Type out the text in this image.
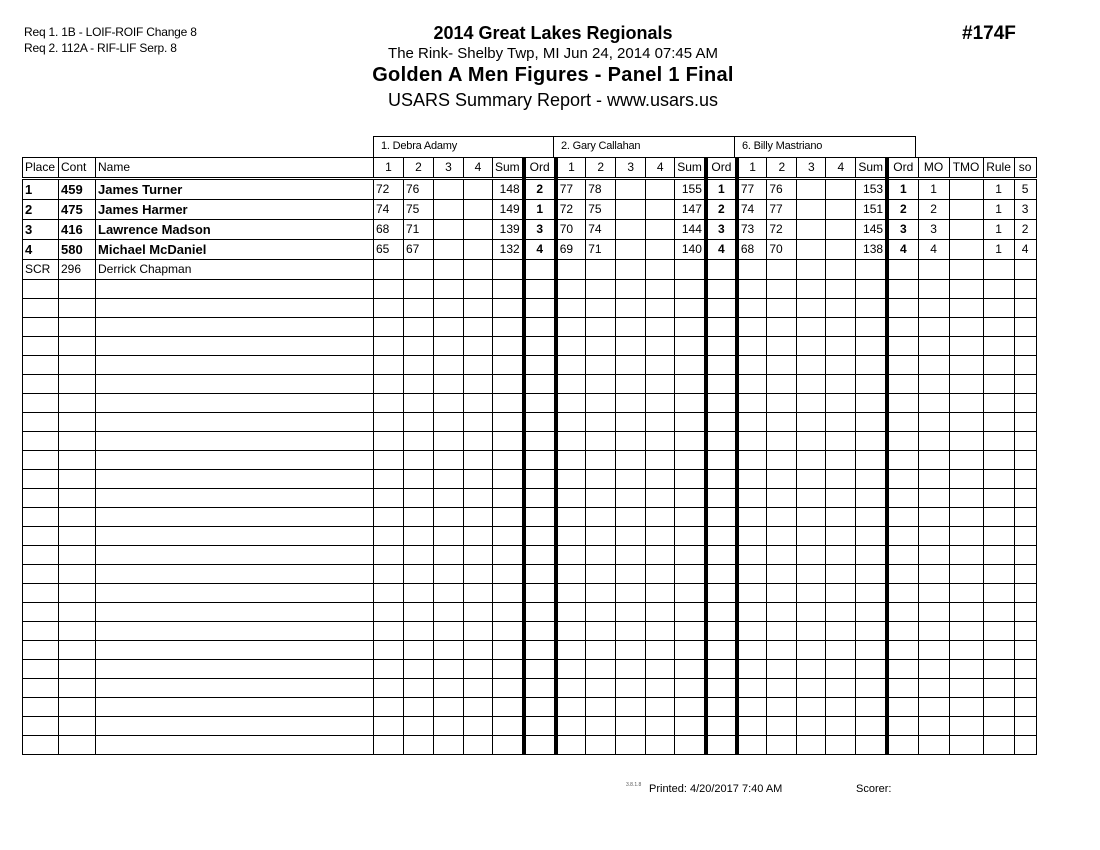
Req 1. 1B - LOIF-ROIF Change 8
Req 2. 112A - RIF-LIF Serp. 8
2014 Great Lakes Regionals
The Rink- Shelby Twp, MI Jun 24, 2014 07:45 AM
Golden A Men Figures - Panel 1 Final
USARS Summary Report - www.usars.us
#174F
1. Debra Adamy	2. Gary Callahan	6. Billy Mastriano
Place	Cont	Name	1	2	3	4	Sum	Ord	1	2	3	4	Sum	Ord	1	2	3	4	Sum	Ord	MO	TMO	Rule	so
1	459	James Turner	72	76			148	2	77	78			155	1	77	76			153	1	1		1	5
2	475	James Harmer	74	75			149	1	72	75			147	2	74	77			151	2	2		1	3
3	416	Lawrence Madson	68	71			139	3	70	74			144	3	73	72			145	3	3		1	2
4	580	Michael McDaniel	65	67			132	4	69	71			140	4	68	70			138	4	4		1	4
SCR	296	Derrick Chapman																						

3.8.1.8 Printed: 4/20/2017 7:40 AM	Scorer:
